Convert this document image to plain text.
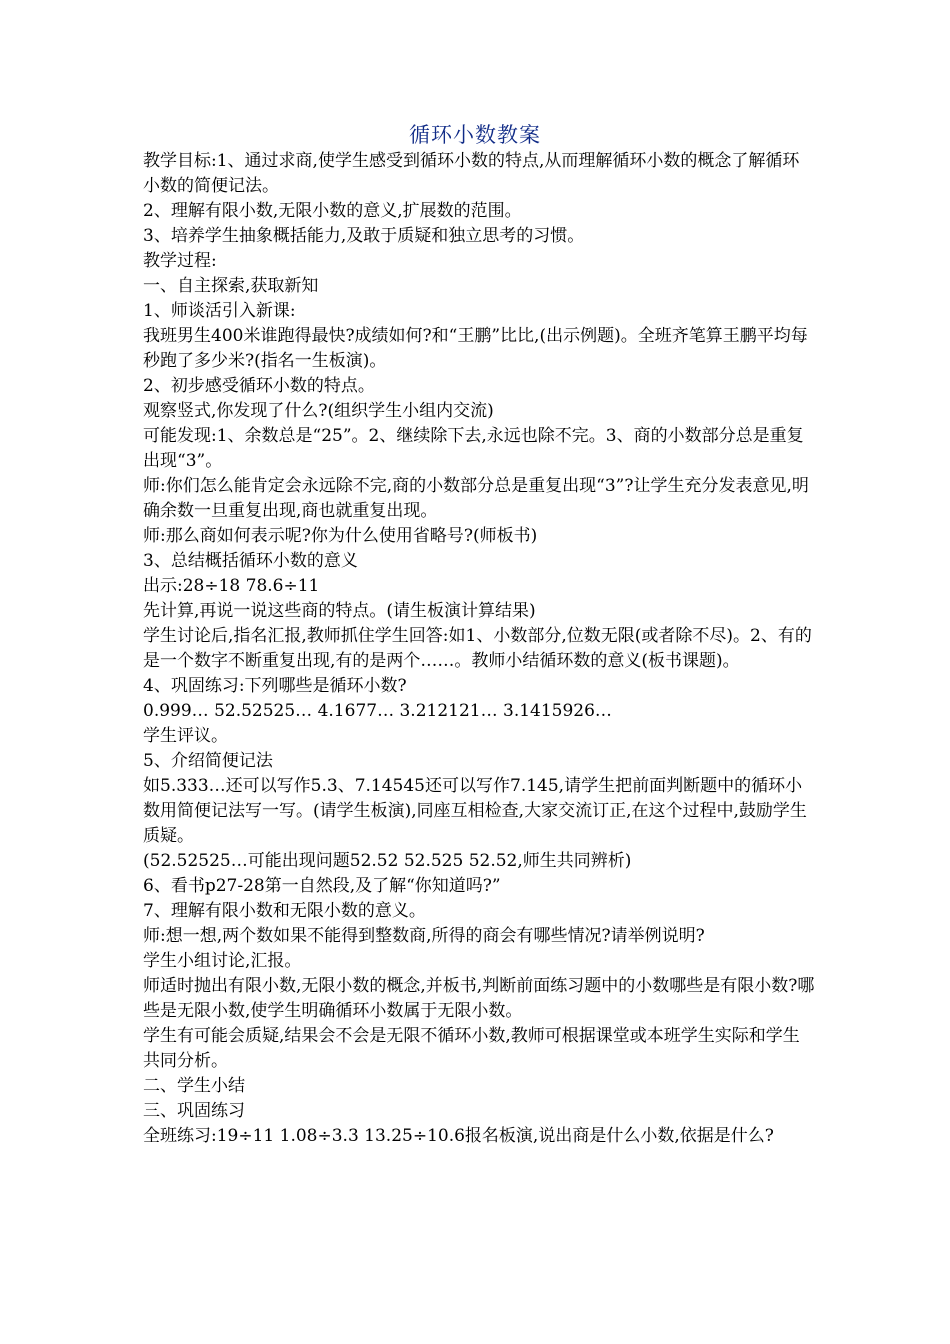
循环小数教案

教学目标:1、通过求商,使学生感受到循环小数的特点,从而理解循环小数的概念了解循环小数的简便记法。

2、理解有限小数,无限小数的意义,扩展数的范围。

3、培养学生抽象概括能力,及敢于质疑和独立思考的习惯。

教学过程:

一、自主探索,获取新知

1、师谈活引入新课:

我班男生400米谁跑得最快?成绩如何?和“王鹏”比比,(出示例题)。全班齐笔算王鹏平均每秒跑了多少米?(指名一生板演)。

2、初步感受循环小数的特点。

观察竖式,你发现了什么?(组织学生小组内交流)

可能发现:1、余数总是“25”。2、继续除下去,永远也除不完。3、商的小数部分总是重复出现“3”。

师:你们怎么能肯定会永远除不完,商的小数部分总是重复出现“3”?让学生充分发表意见,明确余数一旦重复出现,商也就重复出现。

师:那么商如何表示呢?你为什么使用省略号?(师板书)

3、总结概括循环小数的意义

出示:28÷18 78.6÷11

先计算,再说一说这些商的特点。(请生板演计算结果)

学生讨论后,指名汇报,教师抓住学生回答:如1、小数部分,位数无限(或者除不尽)。2、有的是一个数字不断重复出现,有的是两个……。教师小结循环数的意义(板书课题)。

4、巩固练习:下列哪些是循环小数?

0.999… 52.52525… 4.1677… 3.212121… 3.1415926…

学生评议。

5、介绍简便记法

如5.333…还可以写作5.3、7.14545还可以写作7.145,请学生把前面判断题中的循环小数用简便记法写一写。(请学生板演),同座互相检查,大家交流订正,在这个过程中,鼓励学生质疑。

(52.52525…可能出现问题52.52 52.525 52.52,师生共同辨析)

6、看书p27-28第一自然段,及了解“你知道吗?”

7、理解有限小数和无限小数的意义。

师:想一想,两个数如果不能得到整数商,所得的商会有哪些情况?请举例说明?

学生小组讨论,汇报。

师适时抛出有限小数,无限小数的概念,并板书,判断前面练习题中的小数哪些是有限小数?哪些是无限小数,使学生明确循环小数属于无限小数。

学生有可能会质疑,结果会不会是无限不循环小数,教师可根据课堂或本班学生实际和学生共同分析。

二、学生小结

三、巩固练习

全班练习:19÷11 1.08÷3.3 13.25÷10.6报名板演,说出商是什么小数,依据是什么?
